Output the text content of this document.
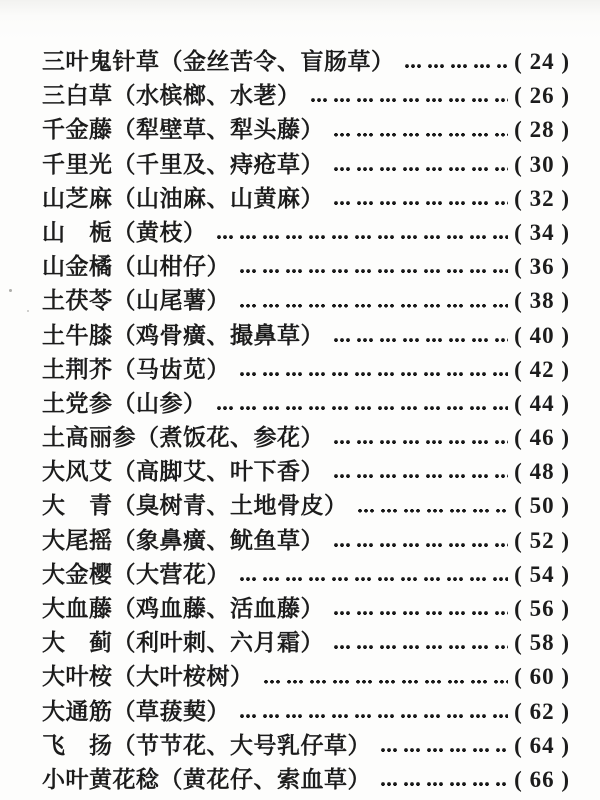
三叶鬼针草（金丝苦令、盲肠草）	( 24 )
三白草（水槟榔、水荖）	( 26 )
千金藤（犁壁草、犁头藤）	( 28 )
千里光（千里及、痔疮草）	( 30 )
山芝麻（山油麻、山黄麻）	( 32 )
山　栀（黄枝）	( 34 )
山金橘（山柑仔）	( 36 )
土茯苓（山尾薯）	( 38 )
土牛膝（鸡骨癀、撮鼻草）	( 40 )
土荆芥（马齿苋）	( 42 )
土党参（山参）	( 44 )
土高丽参（煮饭花、参花）	( 46 )
大风艾（高脚艾、叶下香）	( 48 )
大　青（臭树青、土地骨皮）	( 50 )
大尾摇（象鼻癀、鱿鱼草）	( 52 )
大金樱（大营花）	( 54 )
大血藤（鸡血藤、活血藤）	( 56 )
大　蓟（利叶刺、六月霜）	( 58 )
大叶桉（大叶桉树）	( 60 )
大通筋（草菝葜）	( 62 )
飞　扬（节节花、大号乳仔草）	( 64 )
小叶黄花稔（黄花仔、索血草）	( 66 )
